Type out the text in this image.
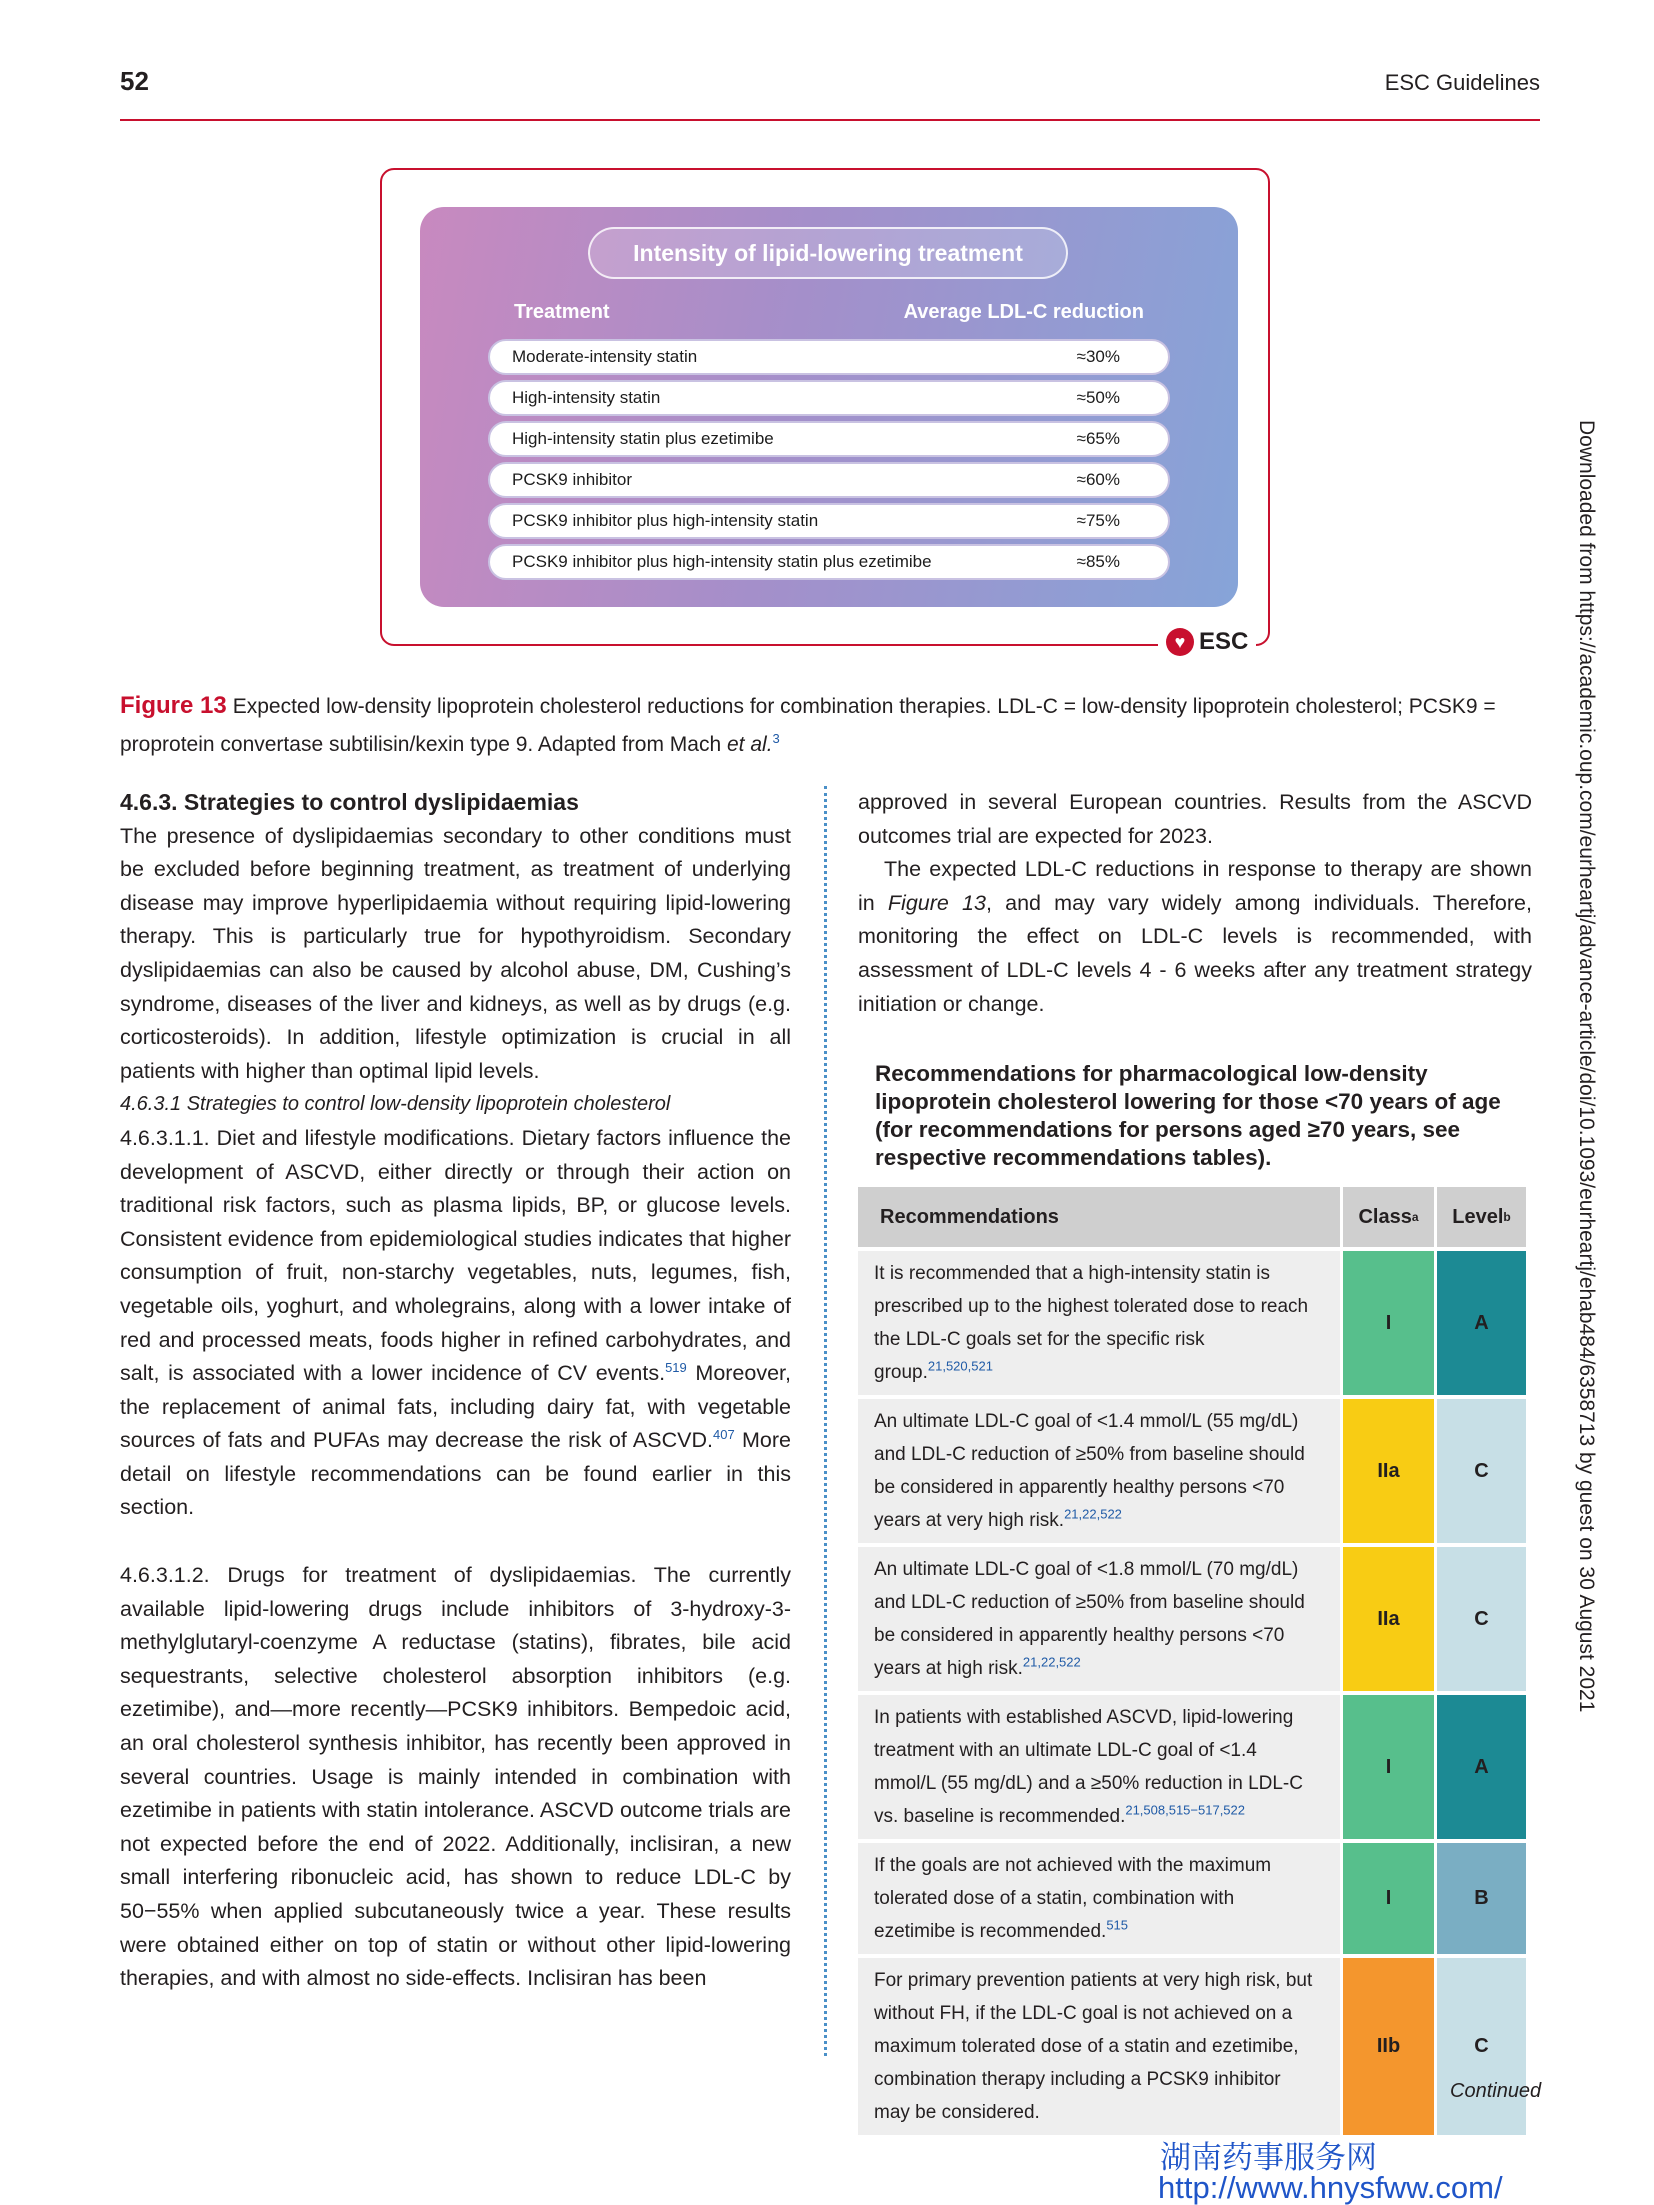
52	ESC Guidelines
Intensity of lipid-lowering treatment
Treatment	Average LDL-C reduction
Moderate-intensity statin	≈30%
High-intensity statin	≈50%
High-intensity statin plus ezetimibe	≈65%
PCSK9 inhibitor	≈60%
PCSK9 inhibitor plus high-intensity statin	≈75%
PCSK9 inhibitor plus high-intensity statin plus ezetimibe	≈85%
♥ ESC
Figure 13 Expected low-density lipoprotein cholesterol reductions for combination therapies. LDL-C = low-density lipoprotein cholesterol; PCSK9 = proprotein convertase subtilisin/kexin type 9. Adapted from Mach et al.$^3$

4.6.3. Strategies to control dyslipidaemias

The presence of dyslipidaemias secondary to other conditions must be excluded before beginning treatment, as treatment of underlying disease may improve hyperlipidaemia without requiring lipid-lowering therapy. This is particularly true for hypothyroidism. Secondary dyslipidaemias can also be caused by alcohol abuse, DM, Cushing’s syndrome, diseases of the liver and kidneys, as well as by drugs (e.g. corticosteroids). In addition, lifestyle optimization is crucial in all patients with higher than optimal lipid levels.

4.6.3.1 Strategies to control low-density lipoprotein cholesterol

4.6.3.1.1. Diet and lifestyle modifications. Dietary factors influence the development of ASCVD, either directly or through their action on traditional risk factors, such as plasma lipids, BP, or glucose levels. Consistent evidence from epidemiological studies indicates that higher consumption of fruit, non-starchy vegetables, nuts, legumes, fish, vegetable oils, yoghurt, and wholegrains, along with a lower intake of red and processed meats, foods higher in refined carbohydrates, and salt, is associated with a lower incidence of CV events.$^{519}$ Moreover, the replacement of animal fats, including dairy fat, with vegetable sources of fats and PUFAs may decrease the risk of ASCVD.$^{407}$ More detail on lifestyle recommendations can be found earlier in this section.

4.6.3.1.2. Drugs for treatment of dyslipidaemias. The currently available lipid-lowering drugs include inhibitors of 3-hydroxy-3-methylglutaryl-coenzyme A reductase (statins), fibrates, bile acid sequestrants, selective cholesterol absorption inhibitors (e.g. ezetimibe), and—more recently—PCSK9 inhibitors. Bempedoic acid, an oral cholesterol synthesis inhibitor, has recently been approved in several countries. Usage is mainly intended in combination with ezetimibe in patients with statin intolerance. ASCVD outcome trials are not expected before the end of 2022. Additionally, inclisiran, a new small interfering ribonucleic acid, has shown to reduce LDL-C by 50−55% when applied subcutaneously twice a year. These results were obtained either on top of statin or without other lipid-lowering therapies, and with almost no side-effects. Inclisiran has been

approved in several European countries. Results from the ASCVD outcomes trial are expected for 2023.

The expected LDL-C reductions in response to therapy are shown in Figure 13, and may vary widely among individuals. Therefore, monitoring the effect on LDL-C levels is recommended, with assessment of LDL-C levels 4 - 6 weeks after any treatment strategy initiation or change.

Recommendations for pharmacological low-density lipoprotein cholesterol lowering for those <70 years of age (for recommendations for persons aged ≥70 years, see respective recommendations tables).
Recommendations	Class a Level b
It is recommended that a high-intensity statin is prescribed up to the highest tolerated dose to reach the LDL-C goals set for the specific risk group.$^{21,520,521}$
I	A
An ultimate LDL-C goal of <1.4 mmol/L (55 mg/dL) and LDL-C reduction of ≥50% from baseline should be considered in apparently healthy persons <70 years at very high risk.$^{21,22,522}$
IIa	C
An ultimate LDL-C goal of <1.8 mmol/L (70 mg/dL) and LDL-C reduction of ≥50% from baseline should be considered in apparently healthy persons <70 years at high risk.$^{21,22,522}$
IIa	C
In patients with established ASCVD, lipid-lowering treatment with an ultimate LDL-C goal of <1.4 mmol/L (55 mg/dL) and a ≥50% reduction in LDL-C vs. baseline is recommended.$^{21,508,515-517,522}$
I	A
If the goals are not achieved with the maximum tolerated dose of a statin, combination with ezetimibe is recommended.$^{515}$
I	B
For primary prevention patients at very high risk, but without FH, if the LDL-C goal is not achieved on a maximum tolerated dose of a statin and ezetimibe, combination therapy including a PCSK9 inhibitor may be considered.
IIb	C
Continued
Downloaded from https://academic.oup.com/eurheartj/advance-article/doi/10.1093/eurheartj/ehab484/6358713 by guest on 30 August 2021
湖南药事服务网
http://www.hnysfww.com/
